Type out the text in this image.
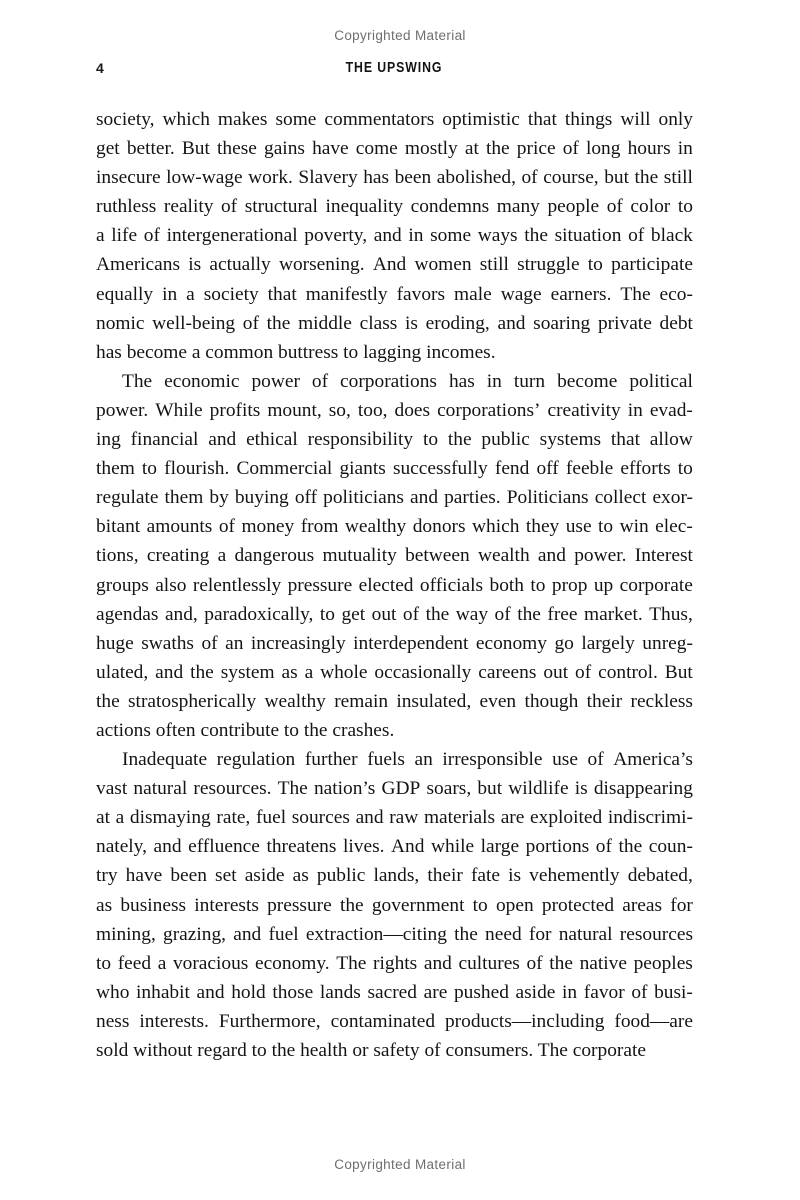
Copyrighted Material
4	THE UPSWING

society, which makes some commentators optimistic that things will only
get better. But these gains have come mostly at the price of long hours in
insecure low-wage work. Slavery has been abolished, of course, but the still
ruthless reality of structural inequality condemns many people of color to
a life of intergenerational poverty, and in some ways the situation of black
Americans is actually worsening. And women still struggle to participate
equally in a society that manifestly favors male wage earners. The eco-
nomic well-being of the middle class is eroding, and soaring private debt
has become a common buttress to lagging incomes.

The economic power of corporations has in turn become political
power. While profits mount, so, too, does corporations’ creativity in evad-
ing financial and ethical responsibility to the public systems that allow
them to flourish. Commercial giants successfully fend off feeble efforts to
regulate them by buying off politicians and parties. Politicians collect exor-
bitant amounts of money from wealthy donors which they use to win elec-
tions, creating a dangerous mutuality between wealth and power. Interest
groups also relentlessly pressure elected officials both to prop up corporate
agendas and, paradoxically, to get out of the way of the free market. Thus,
huge swaths of an increasingly interdependent economy go largely unreg-
ulated, and the system as a whole occasionally careens out of control. But
the stratospherically wealthy remain insulated, even though their reckless
actions often contribute to the crashes.

Inadequate regulation further fuels an irresponsible use of America’s
vast natural resources. The nation’s GDP soars, but wildlife is disappearing
at a dismaying rate, fuel sources and raw materials are exploited indiscrimi-
nately, and effluence threatens lives. And while large portions of the coun-
try have been set aside as public lands, their fate is vehemently debated,
as business interests pressure the government to open protected areas for
mining, grazing, and fuel extraction—citing the need for natural resources
to feed a voracious economy. The rights and cultures of the native peoples
who inhabit and hold those lands sacred are pushed aside in favor of busi-
ness interests. Furthermore, contaminated products—including food—are
sold without regard to the health or safety of consumers. The corporate

Copyrighted Material
